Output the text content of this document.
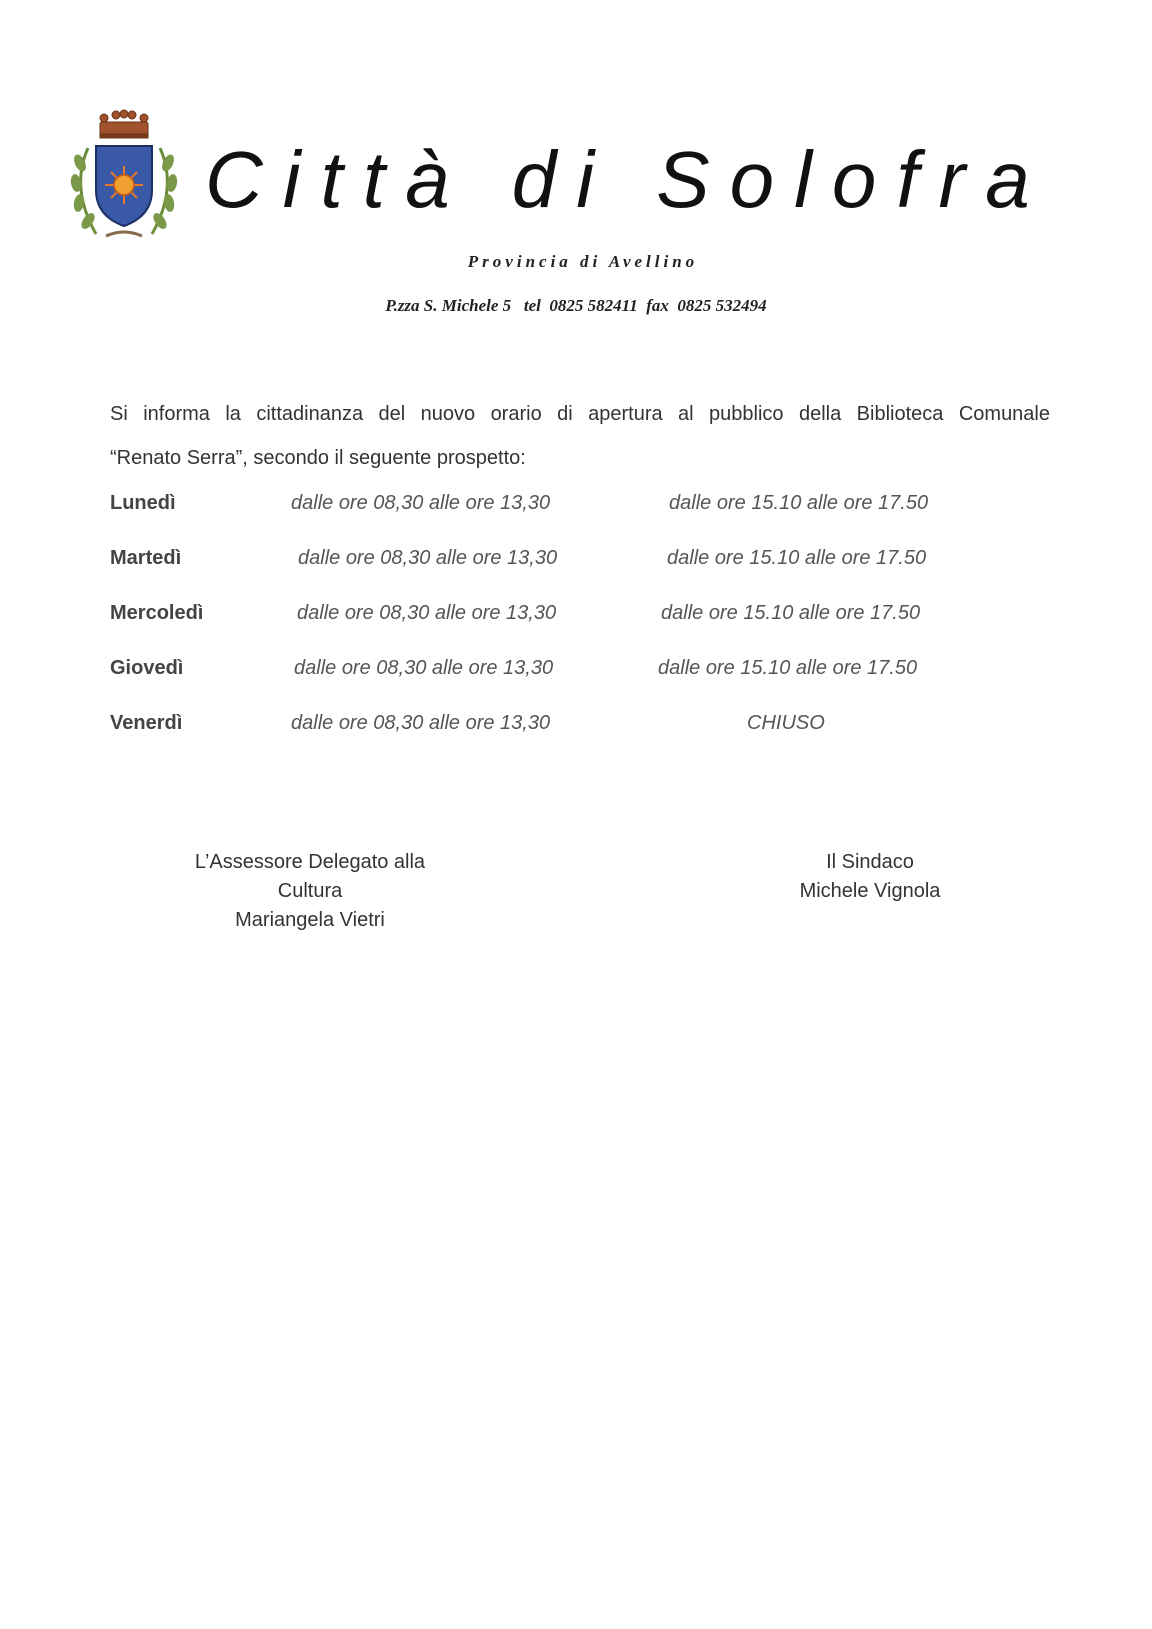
Città di Solofra
Provincia di Avellino
P.zza S. Michele 5   tel  0825 582411  fax  0825 532494
Si informa la cittadinanza del nuovo orario di apertura al pubblico della Biblioteca Comunale
“Renato Serra”, secondo il seguente prospetto:
Lunedì	dalle ore 08,30 alle ore 13,30	dalle ore 15.10 alle ore 17.50
Martedì	dalle ore 08,30 alle ore 13,30	dalle ore 15.10 alle ore 17.50
Mercoledì	dalle ore 08,30 alle ore 13,30	dalle ore 15.10 alle ore 17.50
Giovedì	dalle ore 08,30 alle ore 13,30	dalle ore 15.10 alle ore 17.50
Venerdì	dalle ore 08,30 alle ore 13,30	CHIUSO
L’Assessore Delegato alla Cultura
Mariangela Vietri
Il Sindaco
Michele Vignola
